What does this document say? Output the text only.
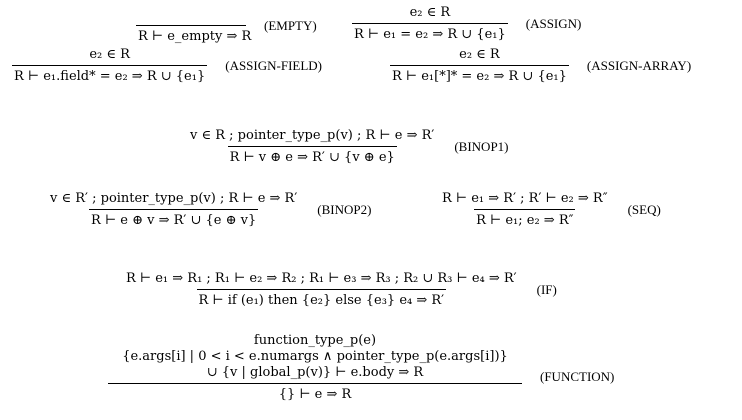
R ⊢ e_empty ⇒ R
(EMPTY)	$\frac{\text{e₂ ∈ R}}{\text{R ⊢ e₁ = e₂ ⇒ R ∪ \{e₁\}}}$ (ASSIGN)
$\frac{\text{e₂ ∈ R}}{\text{R ⊢ e₁.field* = e₂ ⇒ R ∪ \{e₁\}}}$ (ASSIGN-FIELD)	$\frac{\text{e₂ ∈ R}}{\text{R ⊢ e₁[*]* = e₂ ⇒ R ∪ \{e₁\}}}$ (ASSIGN-ARRAY)
$\frac{\text{v ∈ R ; pointer\_type\_p(v) ; R ⊢ e ⇒ R′}}{R ⊢ v \oplus e \Rightarrow R' \cup \{v \oplus e\}}$ (BINOP1)
$\frac{\text{v ∈ R′ ; pointer\_type\_p(v) ; R ⊢ e ⇒ R′}}{R ⊢ e \oplus v \Rightarrow R' \cup \{e \oplus v\}}$ (BINOP2)	$\frac{\text{R ⊢ e₁ ⇒ R′ ; R′ ⊢ e₂ ⇒ R″}}{\text{R ⊢ e₁; e₂ ⇒ R″}} (SEQ)$
R ⊢ e₁ ⇒ R₁ ; R₁ ⊢ e₂ ⇒ R₂ ; R₁ ⊢ e₃ ⇒ R₃ ; R₂ ∪ R₃ ⊢ e₄ ⇒ R′
R ⊢ if (e₁) then {e₂} else {e₃} e₄ ⇒ R′
(IF)
function_type_p(e)
{e.args[i] | 0 < i < e.numargs ∧ pointer_type_p(e.args[i])}
∪ {v | global_p(v)} ⊢ e.body ⇒ R
{} ⊢ e ⇒ R
(FUNCTION)
